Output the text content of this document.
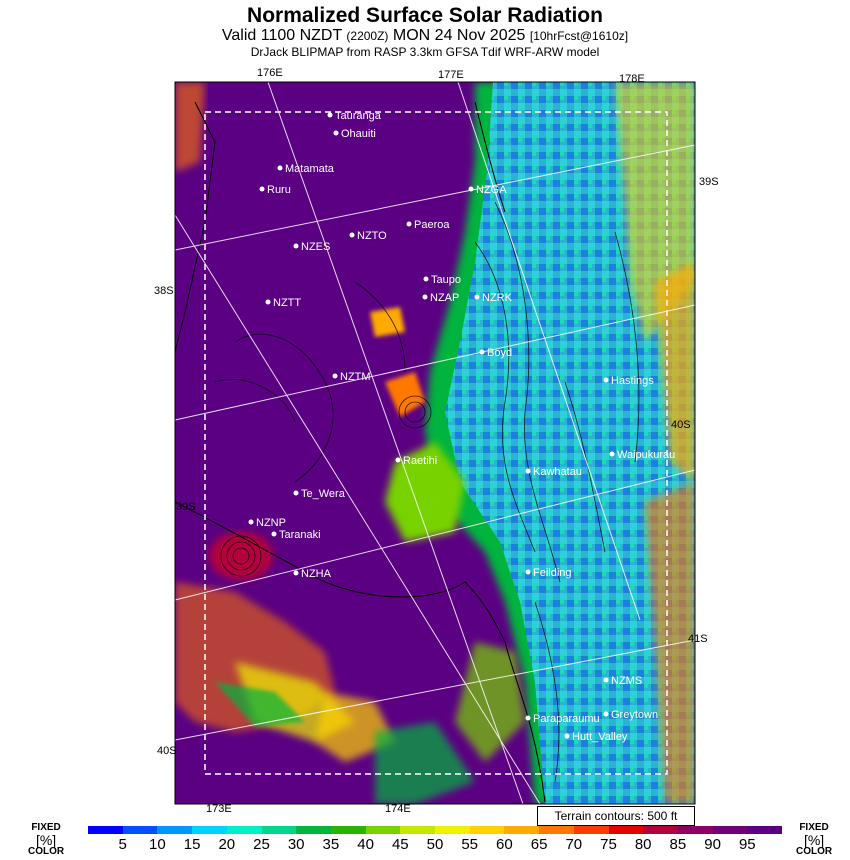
Normalized Surface Solar Radiation
Valid 1100 NZDT (2200Z) MON 24 Nov 2025 [10hrFcst@1610z]
DrJack BLIPMAP from RASP 3.3km GFSA Tdif WRF-ARW model
176E	177E	178E
173E	174E
38S
39S
39S
40S
41S
40S
Tauranga
Ohauiti
Matamata
Ruru	NZGA
Paeroa
NZES
NZTO
Taupo
NZAP NZRK
NZTT
Boyd
NZTM	Hastings
Waipukurau
Raetihi
Kawhatau
Te_Wera
NZNP
Taranaki
NZHA	Feilding
NZMS
Greytown
Paraparaumu
Hutt_Valley
Terrain contours: 500 ft
FIXED
[%]
COLOR
FIXED
[%]
COLOR
5 10 15 20 25 30 35 40 45 50 55 60 65 70 75 80 85 90 95
